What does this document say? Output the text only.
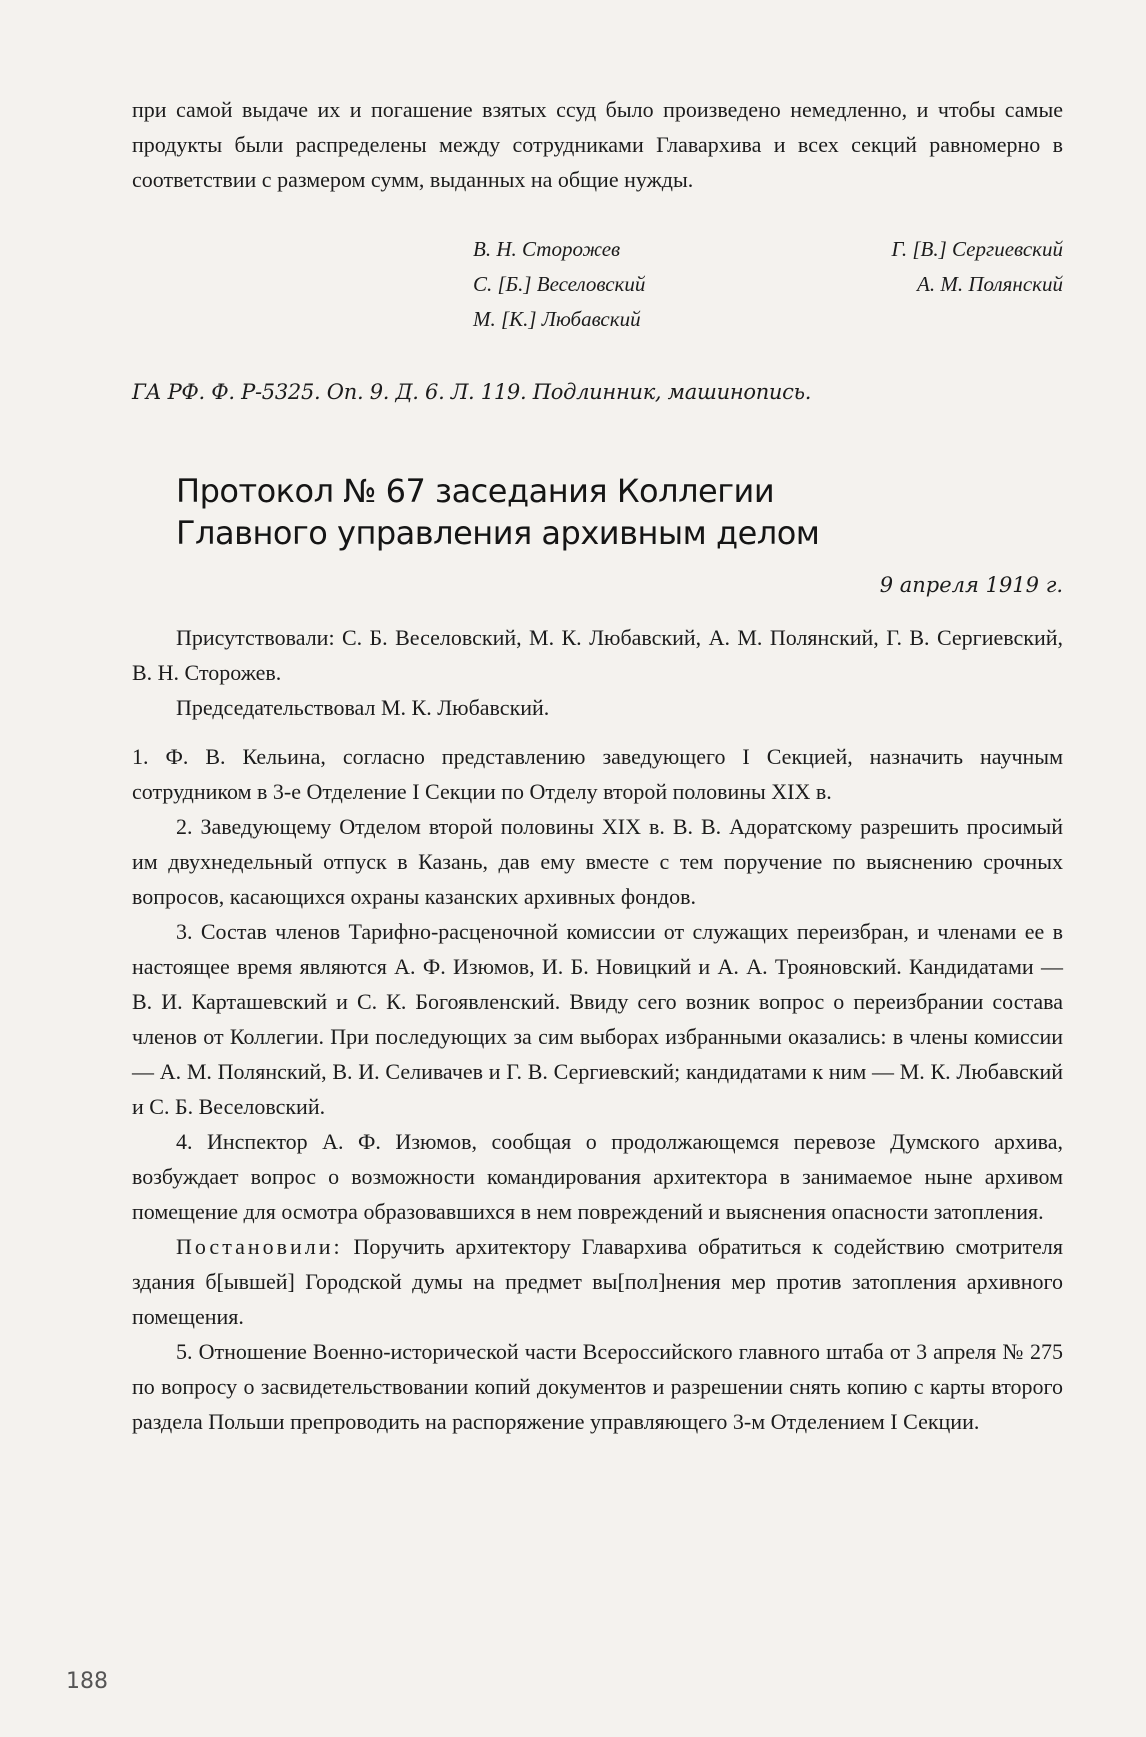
при самой выдаче их и погашение взятых ссуд было произведено немедленно, и чтобы самые продукты были распределены между сотрудниками Главархива и всех секций равномерно в соответствии с размером сумм, выданных на общие нужды.

В. Н. Сторожев	Г. [В.] Сергиевский
С. [Б.] Веселовский	А. М. Полянский
М. [К.] Любавский
ГА РФ. Ф. Р-5325. Оп. 9. Д. 6. Л. 119. Подлинник, машинопись.
Протокол № 67 заседания Коллегии
Главного управления архивным делом
9 апреля 1919 г.

Присутствовали: С. Б. Веселовский, М. К. Любавский, А. М. Полянский, Г. В. Сергиевский, В. Н. Сторожев.

Председательствовал М. К. Любавский.

1. Ф. В. Кельина, согласно представлению заведующего I Секцией, назначить научным сотрудником в 3-е Отделение I Секции по Отделу второй половины XIX в.

2. Заведующему Отделом второй половины XIX в. В. В. Адоратскому разрешить просимый им двухнедельный отпуск в Казань, дав ему вместе с тем поручение по выяснению срочных вопросов, касающихся охраны казанских архивных фондов.

3. Состав членов Тарифно-расценочной комиссии от служащих переизбран, и членами ее в настоящее время являются А. Ф. Изюмов, И. Б. Новицкий и А. А. Трояновский. Кандидатами — В. И. Карташевский и С. К. Богоявленский. Ввиду сего возник вопрос о переизбрании состава членов от Коллегии. При последующих за сим выборах избранными оказались: в члены комиссии — А. М. Полянский, В. И. Селивачев и Г. В. Сергиевский; кандидатами к ним — М. К. Любавский и С. Б. Веселовский.

4. Инспектор А. Ф. Изюмов, сообщая о продолжающемся перевозе Думского архива, возбуждает вопрос о возможности командирования архитектора в занимаемое ныне архивом помещение для осмотра образовавшихся в нем повреждений и выяснения опасности затопления.

Постановили: Поручить архитектору Главархива обратиться к содействию смотрителя здания б[ывшей] Городской думы на предмет вы[пол]нения мер против затопления архивного помещения.

5. Отношение Военно-исторической части Всероссийского главного штаба от 3 апреля № 275 по вопросу о засвидетельствовании копий документов и разрешении снять копию с карты второго раздела Польши препроводить на распоряжение управляющего 3-м Отделением I Секции.

188
